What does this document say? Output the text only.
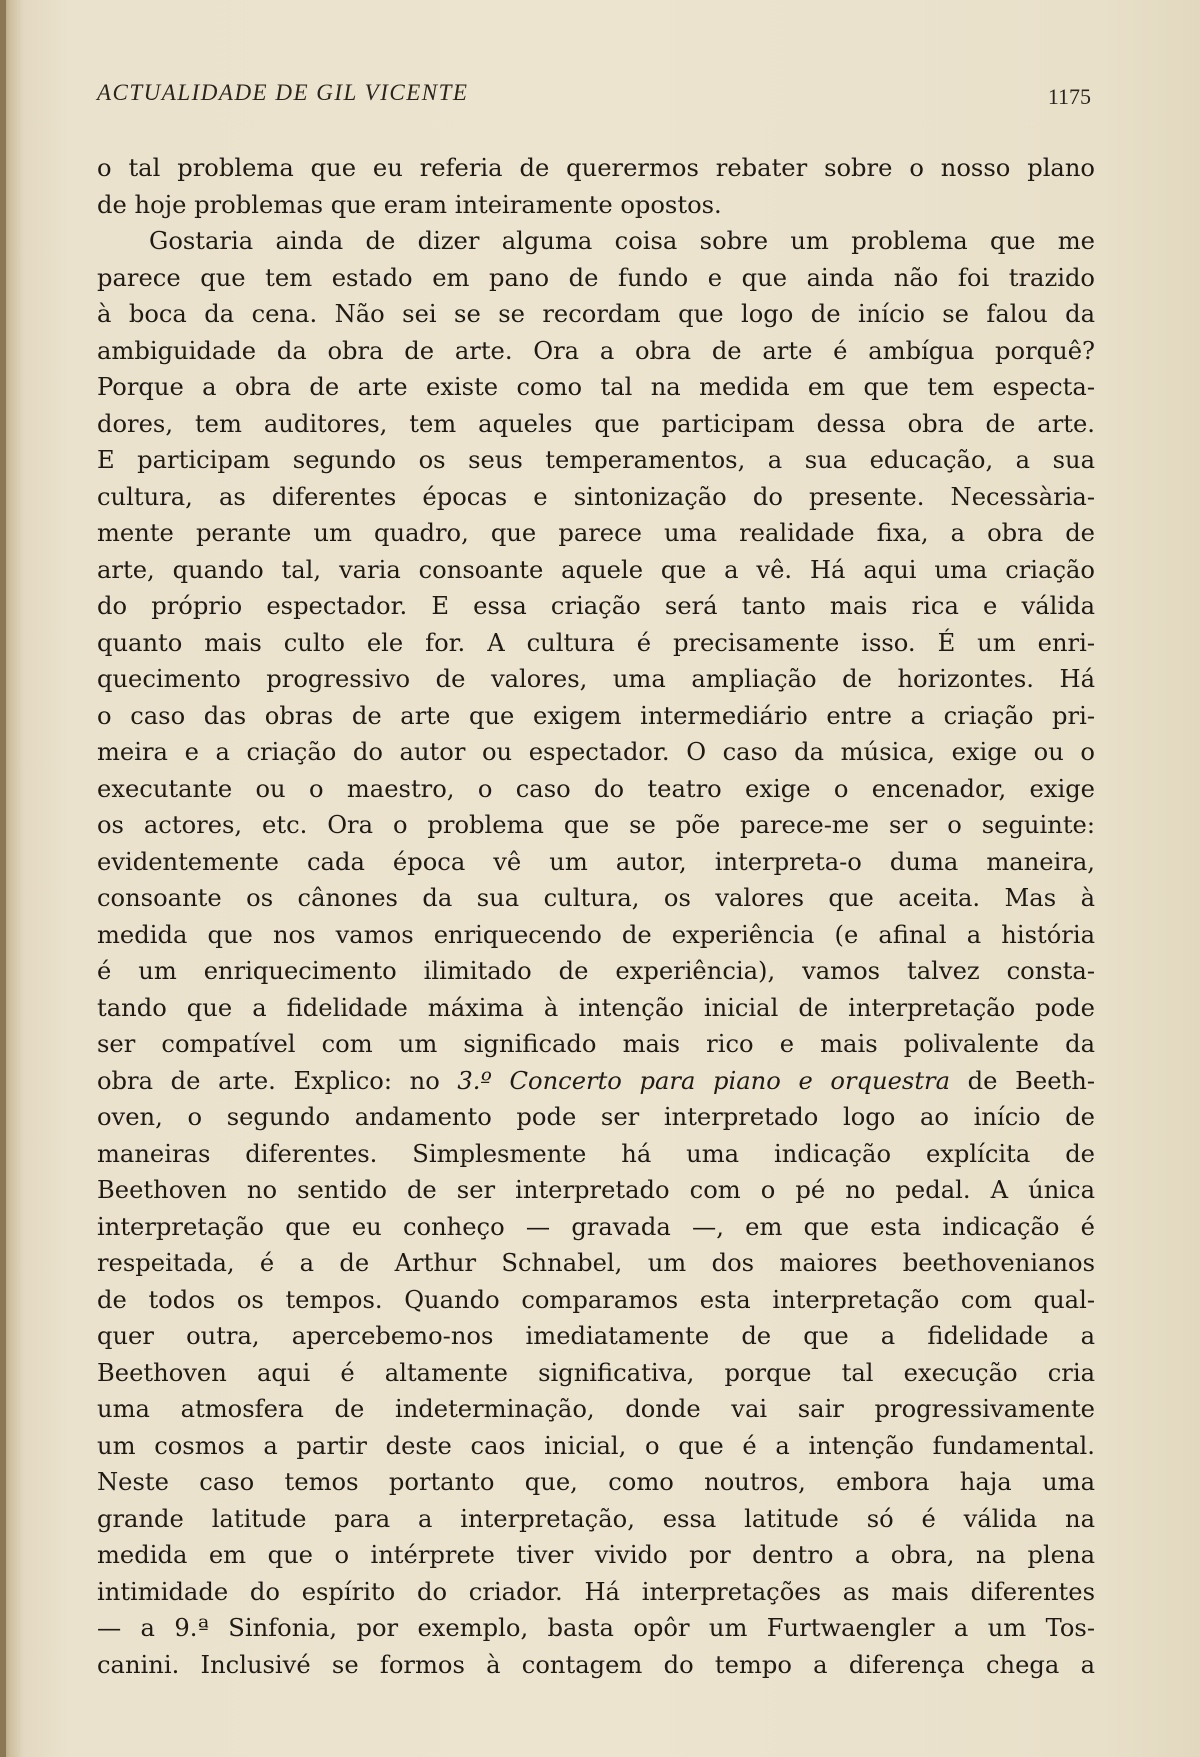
ACTUALIDADE DE GIL VICENTE	1175
o tal problema que eu referia de querermos rebater sobre o nosso plano
de hoje problemas que eram inteiramente opostos.
Gostaria ainda de dizer alguma coisa sobre um problema que me
parece que tem estado em pano de fundo e que ainda não foi trazido
à boca da cena. Não sei se se recordam que logo de início se falou da
ambiguidade da obra de arte. Ora a obra de arte é ambígua porquê?
Porque a obra de arte existe como tal na medida em que tem especta-
dores, tem auditores, tem aqueles que participam dessa obra de arte.
E participam segundo os seus temperamentos, a sua educação, a sua
cultura, as diferentes épocas e sintonização do presente. Necessària-
mente perante um quadro, que parece uma realidade fixa, a obra de
arte, quando tal, varia consoante aquele que a vê. Há aqui uma criação
do próprio espectador. E essa criação será tanto mais rica e válida
quanto mais culto ele for. A cultura é precisamente isso. É um enri-
quecimento progressivo de valores, uma ampliação de horizontes. Há
o caso das obras de arte que exigem intermediário entre a criação pri-
meira e a criação do autor ou espectador. O caso da música, exige ou o
executante ou o maestro, o caso do teatro exige o encenador, exige
os actores, etc. Ora o problema que se põe parece-me ser o seguinte:
evidentemente cada época vê um autor, interpreta-o duma maneira,
consoante os cânones da sua cultura, os valores que aceita. Mas à
medida que nos vamos enriquecendo de experiência (e afinal a história
é um enriquecimento ilimitado de experiência), vamos talvez consta-
tando que a fidelidade máxima à intenção inicial de interpretação pode
ser compatível com um significado mais rico e mais polivalente da
obra de arte. Explico: no 3.º Concerto para piano e orquestra de Beeth-
oven, o segundo andamento pode ser interpretado logo ao início de
maneiras diferentes. Simplesmente há uma indicação explícita de
Beethoven no sentido de ser interpretado com o pé no pedal. A única
interpretação que eu conheço — gravada —, em que esta indicação é
respeitada, é a de Arthur Schnabel, um dos maiores beethovenianos
de todos os tempos. Quando comparamos esta interpretação com qual-
quer outra, apercebemo-nos imediatamente de que a fidelidade a
Beethoven aqui é altamente significativa, porque tal execução cria
uma atmosfera de indeterminação, donde vai sair progressivamente
um cosmos a partir deste caos inicial, o que é a intenção fundamental.
Neste caso temos portanto que, como noutros, embora haja uma
grande latitude para a interpretação, essa latitude só é válida na
medida em que o intérprete tiver vivido por dentro a obra, na plena
intimidade do espírito do criador. Há interpretações as mais diferentes
— a 9.ª Sinfonia, por exemplo, basta opôr um Furtwaengler a um Tos-
canini. Inclusivé se formos à contagem do tempo a diferença chega a
